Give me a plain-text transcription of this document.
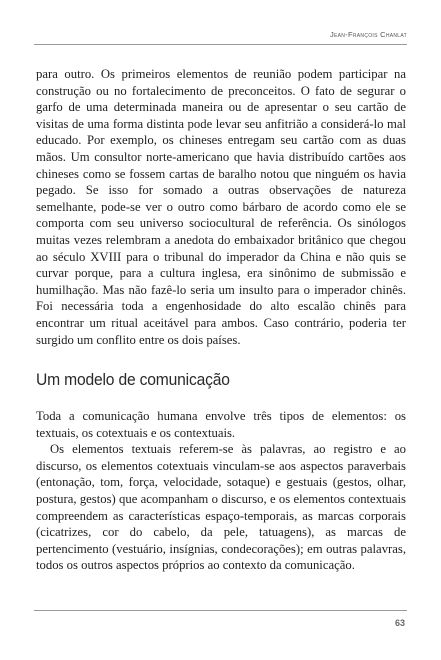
Jean-François Chanlat

para outro. Os primeiros elementos de reunião podem participar na construção ou no fortalecimento de preconceitos. O fato de segurar o garfo de uma determinada maneira ou de apresentar o seu cartão de visitas de uma forma distinta pode levar seu anfitrião a considerá-lo mal educado. Por exemplo, os chineses entregam seu cartão com as duas mãos. Um consultor norte-americano que havia distribuído cartões aos chineses como se fossem cartas de baralho notou que ninguém os havia pegado. Se isso for somado a outras observações de natureza semelhante, pode-se ver o outro como bárbaro de acordo como ele se comporta com seu universo sociocultural de referência. Os sinólogos muitas vezes relembram a anedota do embaixador britânico que chegou ao século XVIII para o tribunal do imperador da China e não quis se curvar porque, para a cultura inglesa, era sinônimo de submissão e humilhação. Mas não fazê-lo seria um insulto para o imperador chinês. Foi necessária toda a engenhosidade do alto escalão chinês para encontrar um ritual aceitável para ambos. Caso contrário, poderia ter surgido um conflito entre os dois países.

Um modelo de comunicação

Toda a comunicação humana envolve três tipos de elementos: os textuais, os cotextuais e os contextuais.

Os elementos textuais referem-se às palavras, ao registro e ao discurso, os elementos cotextuais vinculam-se aos aspectos paraverbais (entonação, tom, força, velocidade, sotaque) e gestuais (gestos, olhar, postura, gestos) que acompanham o discurso, e os elementos contextuais compreendem as características espaço-temporais, as marcas corporais (cicatrizes, cor do cabelo, da pele, tatuagens), as marcas de pertencimento (vestuário, insígnias, condecorações); em outras palavras, todos os outros aspectos próprios ao contexto da comunicação.

63
